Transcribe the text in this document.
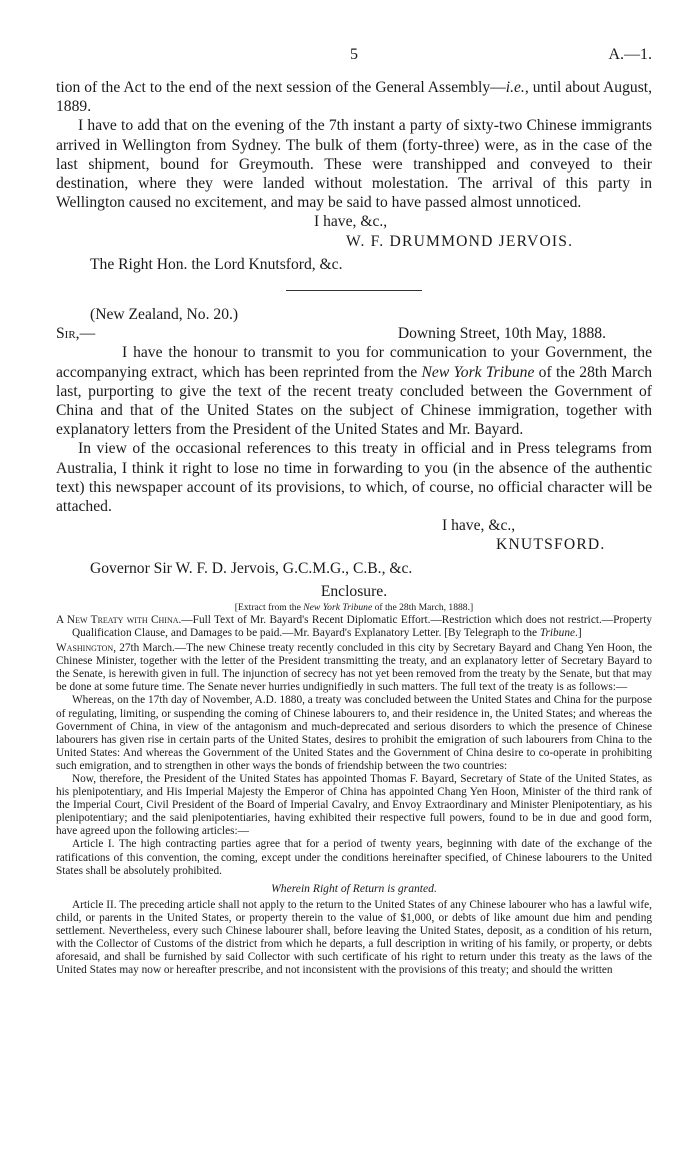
5	A.—1.

tion of the Act to the end of the next session of the General Assembly—i.e., until about August, 1889.

I have to add that on the evening of the 7th instant a party of sixty-two Chinese immigrants arrived in Wellington from Sydney. The bulk of them (forty-three) were, as in the case of the last shipment, bound for Greymouth. These were transhipped and conveyed to their destination, where they were landed without molestation. The arrival of this party in Wellington caused no excitement, and may be said to have passed almost unnoticed.

I have, &c.,

W. F. DRUMMOND JERVOIS.

The Right Hon. the Lord Knutsford, &c.

(New Zealand, No. 20.)

Sir,—	Downing Street, 10th May, 1888.

I have the honour to transmit to you for communication to your Government, the accompanying extract, which has been reprinted from the New York Tribune of the 28th March last, purporting to give the text of the recent treaty concluded between the Government of China and that of the United States on the subject of Chinese immigration, together with explanatory letters from the President of the United States and Mr. Bayard.

In view of the occasional references to this treaty in official and in Press telegrams from Australia, I think it right to lose no time in forwarding to you (in the absence of the authentic text) this newspaper account of its provisions, to which, of course, no official character will be attached.

I have, &c.,

KNUTSFORD.

Governor Sir W. F. D. Jervois, G.C.M.G., C.B., &c.

Enclosure.

[Extract from the New York Tribune of the 28th March, 1888.]

A New Treaty with China.—Full Text of Mr. Bayard's Recent Diplomatic Effort.—Restriction which does not restrict.—Property Qualification Clause, and Damages to be paid.—Mr. Bayard's Explanatory Letter. [By Telegraph to the Tribune.]

Washington, 27th March.—The new Chinese treaty recently concluded in this city by Secretary Bayard and Chang Yen Hoon, the Chinese Minister, together with the letter of the President transmitting the treaty, and an explanatory letter of Secretary Bayard to the Senate, is herewith given in full. The injunction of secrecy has not yet been removed from the treaty by the Senate, but that may be done at some future time. The Senate never hurries undignifiedly in such matters. The full text of the treaty is as follows:—

Whereas, on the 17th day of November, A.D. 1880, a treaty was concluded between the United States and China for the purpose of regulating, limiting, or suspending the coming of Chinese labourers to, and their residence in, the United States; and whereas the Government of China, in view of the antagonism and much-deprecated and serious disorders to which the presence of Chinese labourers has given rise in certain parts of the United States, desires to prohibit the emigration of such labourers from China to the United States: And whereas the Government of the United States and the Government of China desire to co-operate in prohibiting such emigration, and to strengthen in other ways the bonds of friendship between the two countries:

Now, therefore, the President of the United States has appointed Thomas F. Bayard, Secretary of State of the United States, as his plenipotentiary, and His Imperial Majesty the Emperor of China has appointed Chang Yen Hoon, Minister of the third rank of the Imperial Court, Civil President of the Board of Imperial Cavalry, and Envoy Extraordinary and Minister Plenipotentiary, as his plenipotentiary; and the said plenipotentiaries, having exhibited their respective full powers, found to be in due and good form, have agreed upon the following articles:—

Article I. The high contracting parties agree that for a period of twenty years, beginning with date of the exchange of the ratifications of this convention, the coming, except under the conditions hereinafter specified, of Chinese labourers to the United States shall be absolutely prohibited.

Wherein Right of Return is granted.

Article II. The preceding article shall not apply to the return to the United States of any Chinese labourer who has a lawful wife, child, or parents in the United States, or property therein to the value of $1,000, or debts of like amount due him and pending settlement. Nevertheless, every such Chinese labourer shall, before leaving the United States, deposit, as a condition of his return, with the Collector of Customs of the district from which he departs, a full description in writing of his family, or property, or debts aforesaid, and shall be furnished by said Collector with such certificate of his right to return under this treaty as the laws of the United States may now or hereafter prescribe, and not inconsistent with the provisions of this treaty; and should the written
